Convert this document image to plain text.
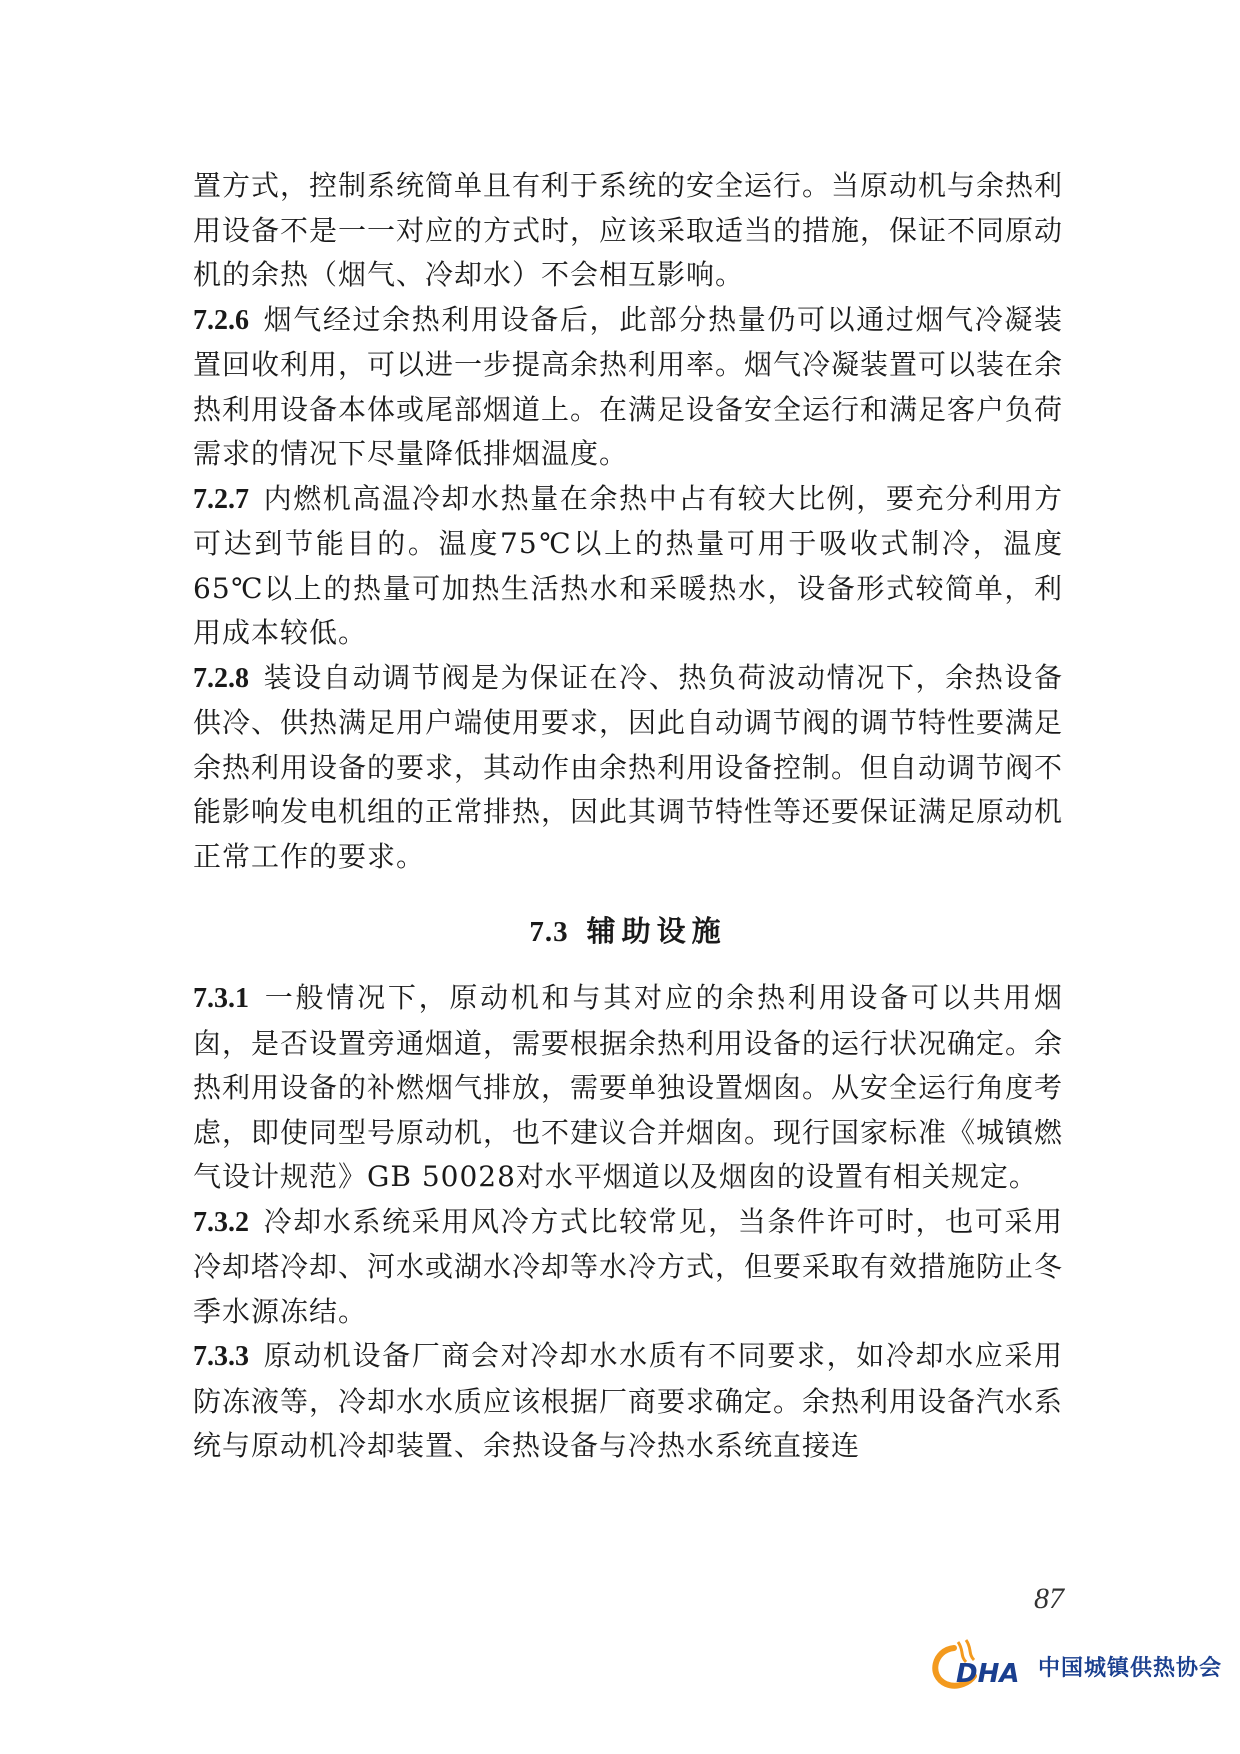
置方式，控制系统简单且有利于系统的安全运行。当原动机与余热利用设备不是一一对应的方式时，应该采取适当的措施，保证不同原动机的余热（烟气、冷却水）不会相互影响。

7.2.6 烟气经过余热利用设备后，此部分热量仍可以通过烟气冷凝装置回收利用，可以进一步提高余热利用率。烟气冷凝装置可以装在余热利用设备本体或尾部烟道上。在满足设备安全运行和满足客户负荷需求的情况下尽量降低排烟温度。

7.2.7 内燃机高温冷却水热量在余热中占有较大比例，要充分利用方可达到节能目的。温度75℃以上的热量可用于吸收式制冷，温度65℃以上的热量可加热生活热水和采暖热水，设备形式较简单，利用成本较低。

7.2.8 装设自动调节阀是为保证在冷、热负荷波动情况下，余热设备供冷、供热满足用户端使用要求，因此自动调节阀的调节特性要满足余热利用设备的要求，其动作由余热利用设备控制。但自动调节阀不能影响发电机组的正常排热，因此其调节特性等还要保证满足原动机正常工作的要求。

7.3 辅助设施

7.3.1 一般情况下，原动机和与其对应的余热利用设备可以共用烟囱，是否设置旁通烟道，需要根据余热利用设备的运行状况确定。余热利用设备的补燃烟气排放，需要单独设置烟囱。从安全运行角度考虑，即使同型号原动机，也不建议合并烟囱。现行国家标准《城镇燃气设计规范》GB 50028对水平烟道以及烟囱的设置有相关规定。

7.3.2 冷却水系统采用风冷方式比较常见，当条件许可时，也可采用冷却塔冷却、河水或湖水冷却等水冷方式，但要采取有效措施防止冬季水源冻结。

7.3.3 原动机设备厂商会对冷却水水质有不同要求，如冷却水应采用防冻液等，冷却水水质应该根据厂商要求确定。余热利用设备汽水系统与原动机冷却装置、余热设备与冷热水系统直接连

87
DHA 中国城镇供热协会
